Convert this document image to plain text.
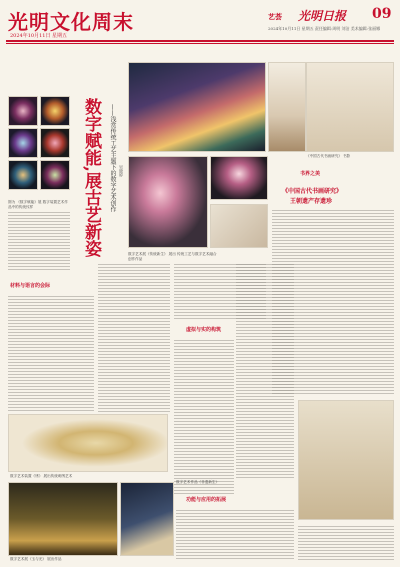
光明文化周末
2024年10月11日 星期五
艺荟 光明日报 09
2024年10月11日 星期五 责任编辑:周明 刘洁 美术编辑:张丽娜
数字赋能,展古艺新姿	——浅赏传统工艺主题下的数字艺术创作 吴晓婷
图为 《数字赋能》展 数字装置艺术作品中的传统纹样
数字艺术展《传统新生》 展出 传统工艺与数字艺术融合创作作品
《中国古代书画研究》 书影
书界之美
《中国古代书画研究》
王朝遗产存遗珍
材料与语言的会际
虚拟与实的构筑
数字艺术装置《绣》 展出传统刺绣艺术
数字艺术展《玉与光》 展出作品
功能与应用的拓展
数字艺术作品《非遗新生》
